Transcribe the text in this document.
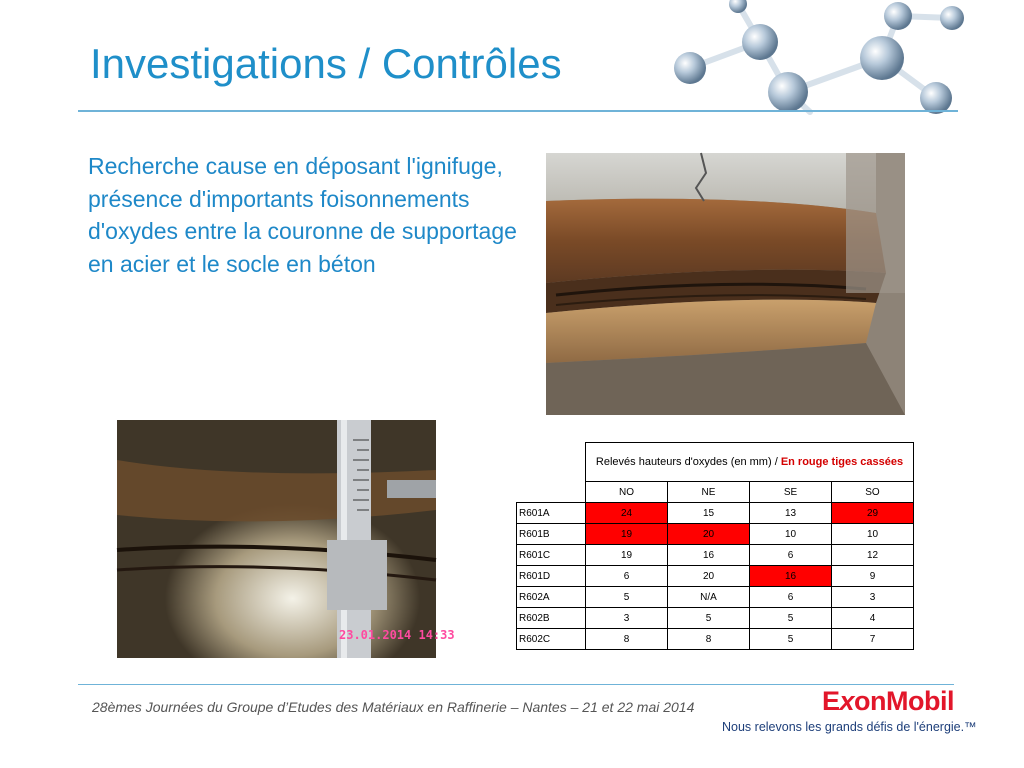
Investigations / Contrôles
Recherche cause en déposant l'ignifuge, présence d'importants foisonnements d'oxydes entre la couronne de supportage en acier et le socle en béton
23.01.2014 14:33
	Relevés hauteurs d'oxydes (en mm) / En rouge tiges cassées			
	NO	NE	SE	SO
R601A	24	15	13	29
R601B	19	20	10	10
R601C	19	16	6	12
R601D	6	20	16	9
R602A	5	N/A	6	3
R602B	3	5	5	4
R602C	8	8	5	7
28èmes Journées du Groupe d’Etudes des Matériaux en Raffinerie – Nantes – 21 et 22 mai 2014	ExonMobil
Nous relevons les grands défis de l'énergie.™
